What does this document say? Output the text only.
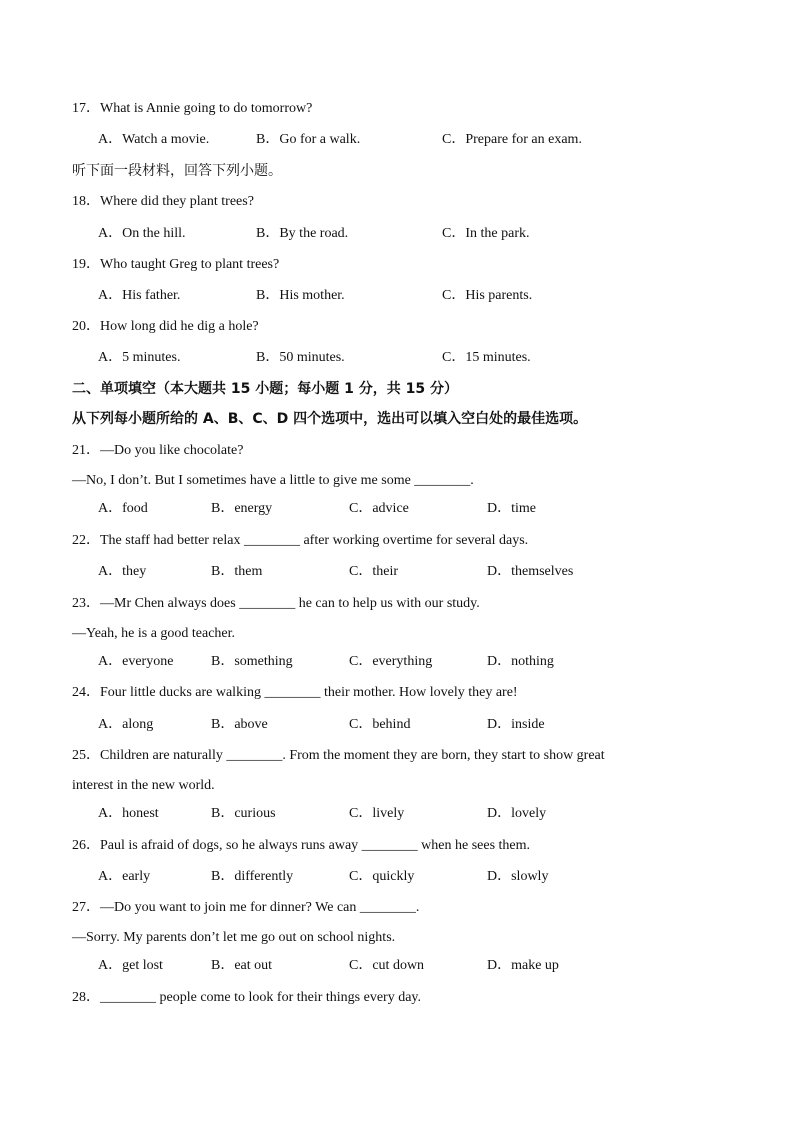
17．What is Annie going to do tomorrow?
A．Watch a movie.	B．Go for a walk.	C．Prepare for an exam.
听下面一段材料，回答下列小题。
18．Where did they plant trees?
A．On the hill.	B．By the road.	C．In the park.
19．Who taught Greg to plant trees?
A．His father.	B．His mother.	C．His parents.
20．How long did he dig a hole?
A．5 minutes.	B．50 minutes.	C．15 minutes.
二、单项填空（本大题共 15 小题；每小题 1 分，共 15 分）
从下列每小题所给的 A、B、C、D 四个选项中，选出可以填入空白处的最佳选项。
21．—Do you like chocolate?
—No, I don’t. But I sometimes have a little to give me some ________.
A．food	B．energy	C．advice	D．time
22．The staff had better relax ________ after working overtime for several days.
A．they	B．them	C．their	D．themselves
23．—Mr Chen always does ________ he can to help us with our study.
—Yeah, he is a good teacher.
A．everyone	B．something	C．everything	D．nothing
24．Four little ducks are walking ________ their mother. How lovely they are!
A．along	B．above	C．behind	D．inside
25．Children are naturally ________. From the moment they are born, they start to show great
interest in the new world.
A．honest	B．curious	C．lively	D．lovely
26．Paul is afraid of dogs, so he always runs away ________ when he sees them.
A．early	B．differently	C．quickly	D．slowly
27．—Do you want to join me for dinner? We can ________.
—Sorry. My parents don’t let me go out on school nights.
A．get lost	B．eat out	C．cut down	D．make up
28．________ people come to look for their things every day.
